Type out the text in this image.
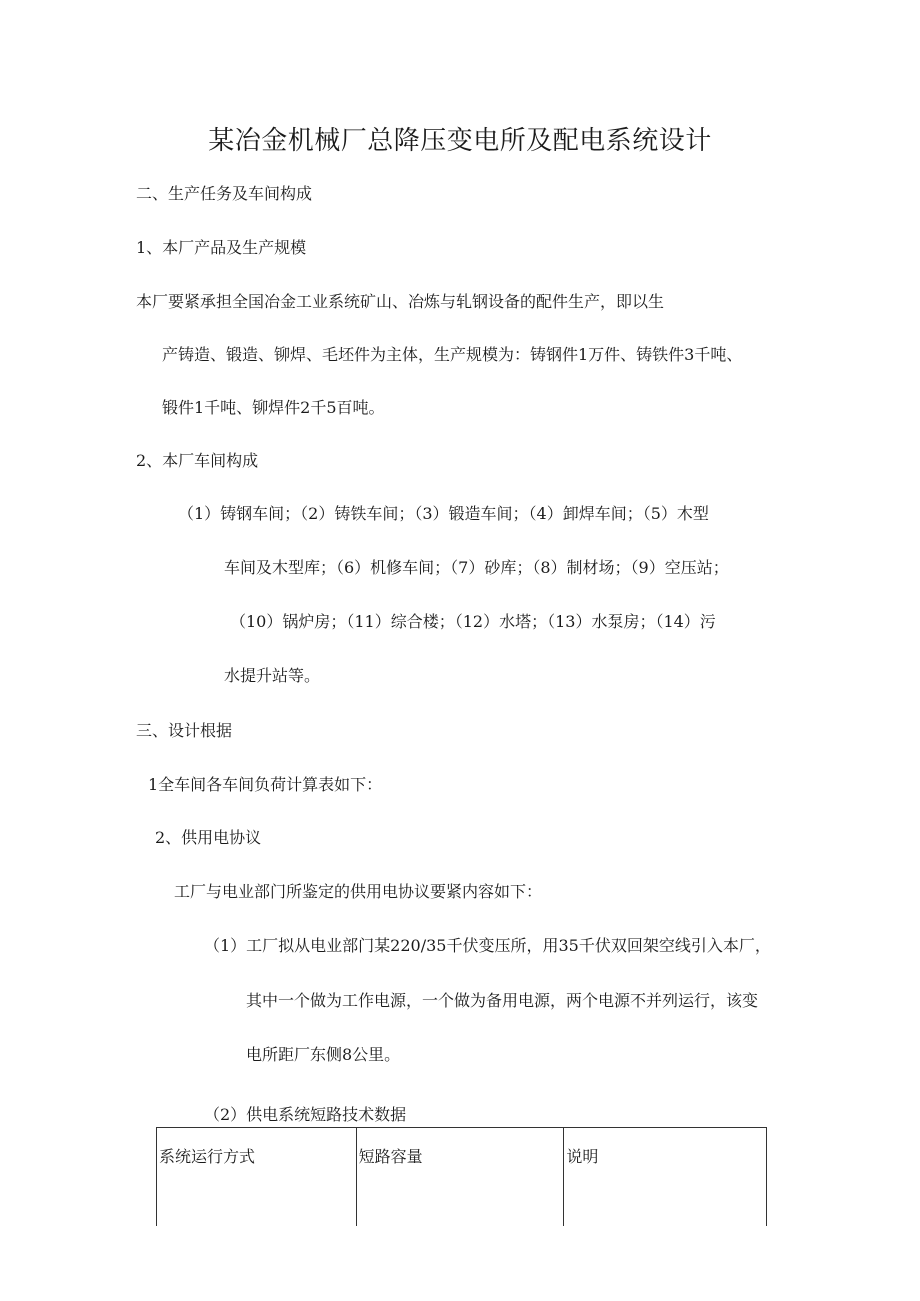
某冶金机械厂总降压变电所及配电系统设计

二、生产任务及车间构成

1、本厂产品及生产规模

本厂要紧承担全国冶金工业系统矿山、冶炼与轧钢设备的配件生产，即以生

产铸造、锻造、铆焊、毛坯件为主体，生产规模为：铸钢件1万件、铸铁件3千吨、

锻件1千吨、铆焊件2千5百吨。

2、本厂车间构成

（1）铸钢车间；（2）铸铁车间；（3）锻造车间；（4）卸焊车间；（5）木型

车间及木型库；（6）机修车间；（7）砂库；（8）制材场；（9）空压站；

（10）锅炉房；（11）综合楼；（12）水塔；（13）水泵房；（14）污

水提升站等。

三、设计根据

1全车间各车间负荷计算表如下：

2、供用电协议

工厂与电业部门所鉴定的供用电协议要紧内容如下：

（1）工厂拟从电业部门某220/35千伏变压所，用35千伏双回架空线引入本厂，

其中一个做为工作电源，一个做为备用电源，两个电源不并列运行，该变

电所距厂东侧8公里。

（2）供电系统短路技术数据

系统运行方式	短路容量	说明
